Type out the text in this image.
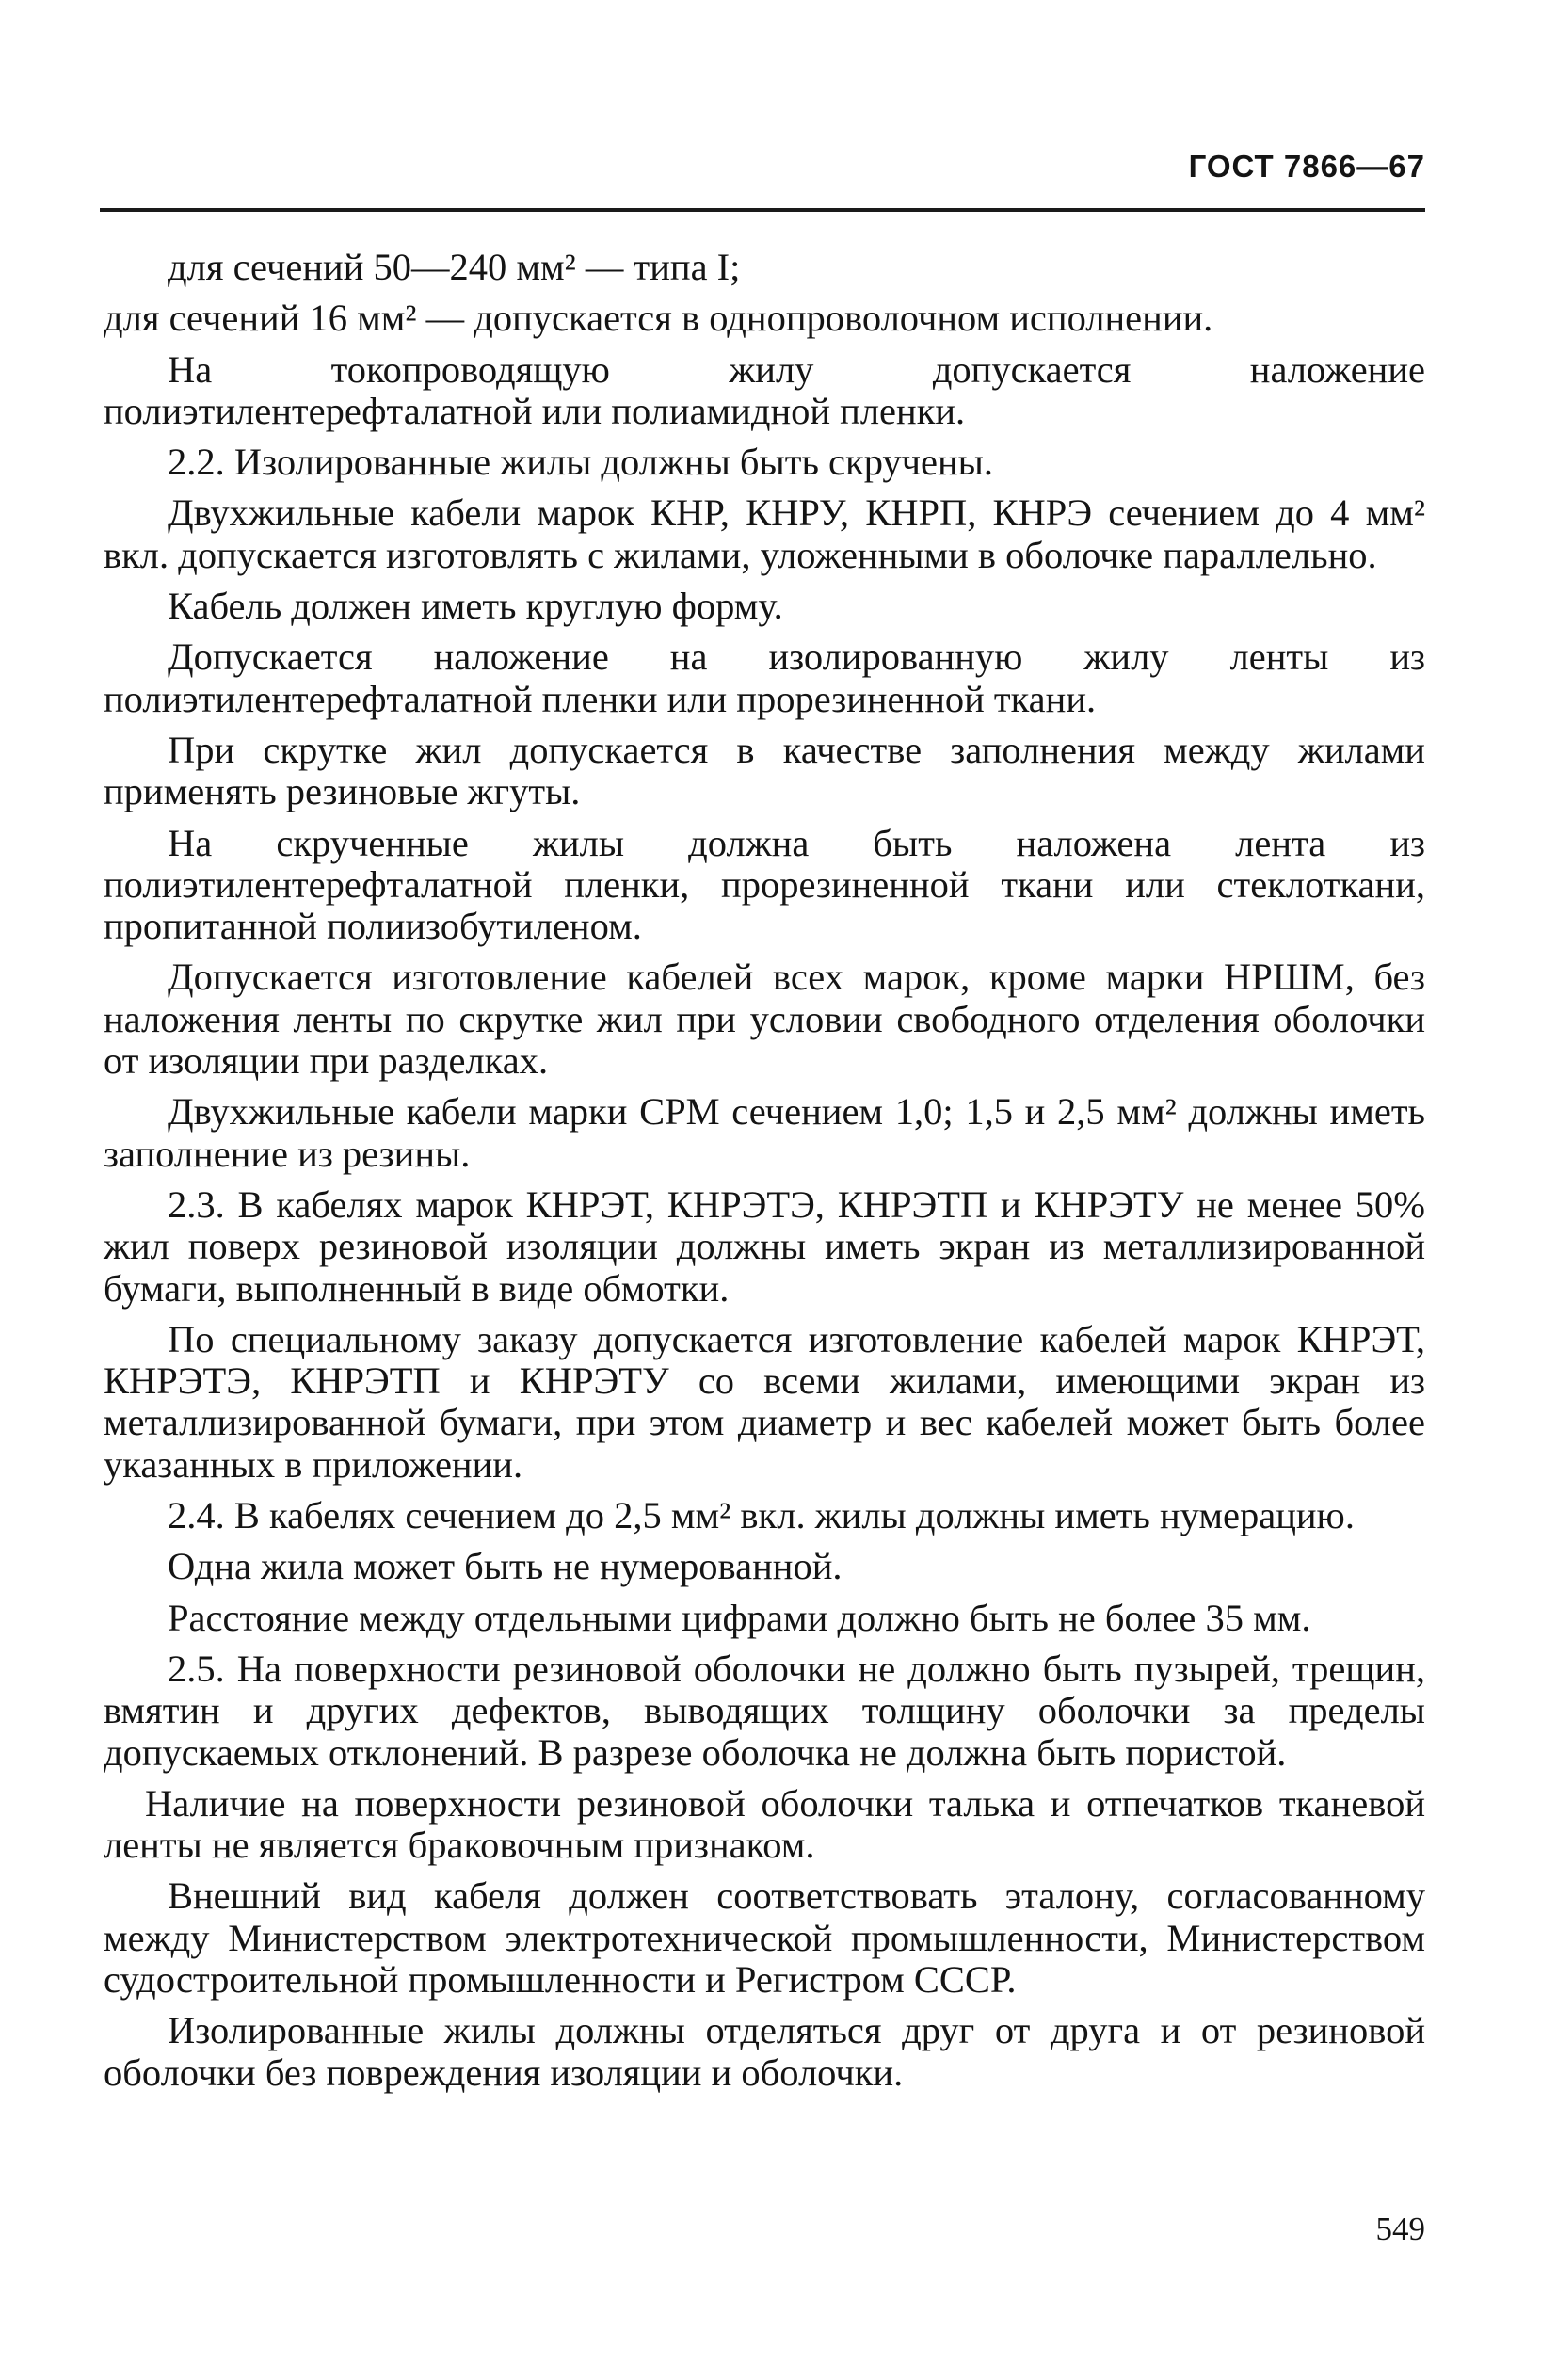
ГОСТ 7866—67

для сечений 50—240 мм² — типа I;

для сечений 16 мм² — допускается в однопроволочном исполнении.

На токопроводящую жилу допускается наложение полиэтилентерефталатной или полиамидной пленки.

2.2. Изолированные жилы должны быть скручены.

Двухжильные кабели марок КНР, КНРУ, КНРП, КНРЭ сечением до 4 мм² вкл. допускается изготовлять с жилами, уложенными в оболочке параллельно.

Кабель должен иметь круглую форму.

Допускается наложение на изолированную жилу ленты из полиэтилентерефталатной пленки или прорезиненной ткани.

При скрутке жил допускается в качестве заполнения между жилами применять резиновые жгуты.

На скрученные жилы должна быть наложена лента из полиэтилентерефталатной пленки, прорезиненной ткани или стеклоткани, пропитанной полиизобутиленом.

Допускается изготовление кабелей всех марок, кроме марки НРШМ, без наложения ленты по скрутке жил при условии свободного отделения оболочки от изоляции при разделках.

Двухжильные кабели марки СРМ сечением 1,0; 1,5 и 2,5 мм² должны иметь заполнение из резины.

2.3. В кабелях марок КНРЭТ, КНРЭТЭ, КНРЭТП и КНРЭТУ не менее 50% жил поверх резиновой изоляции должны иметь экран из металлизированной бумаги, выполненный в виде обмотки.

По специальному заказу допускается изготовление кабелей марок КНРЭТ, КНРЭТЭ, КНРЭТП и КНРЭТУ со всеми жилами, имеющими экран из металлизированной бумаги, при этом диаметр и вес кабелей может быть более указанных в приложении.

2.4. В кабелях сечением до 2,5 мм² вкл. жилы должны иметь нумерацию.

Одна жила может быть не нумерованной.

Расстояние между отдельными цифрами должно быть не более 35 мм.

2.5. На поверхности резиновой оболочки не должно быть пузырей, трещин, вмятин и других дефектов, выводящих толщину оболочки за пределы допускаемых отклонений. В разрезе оболочка не должна быть пористой.

Наличие на поверхности резиновой оболочки талька и отпечатков тканевой ленты не является браковочным признаком.

Внешний вид кабеля должен соответствовать эталону, согласованному между Министерством электротехнической промышленности, Министерством судостроительной промышленности и Регистром СССР.

Изолированные жилы должны отделяться друг от друга и от резиновой оболочки без повреждения изоляции и оболочки.

549
